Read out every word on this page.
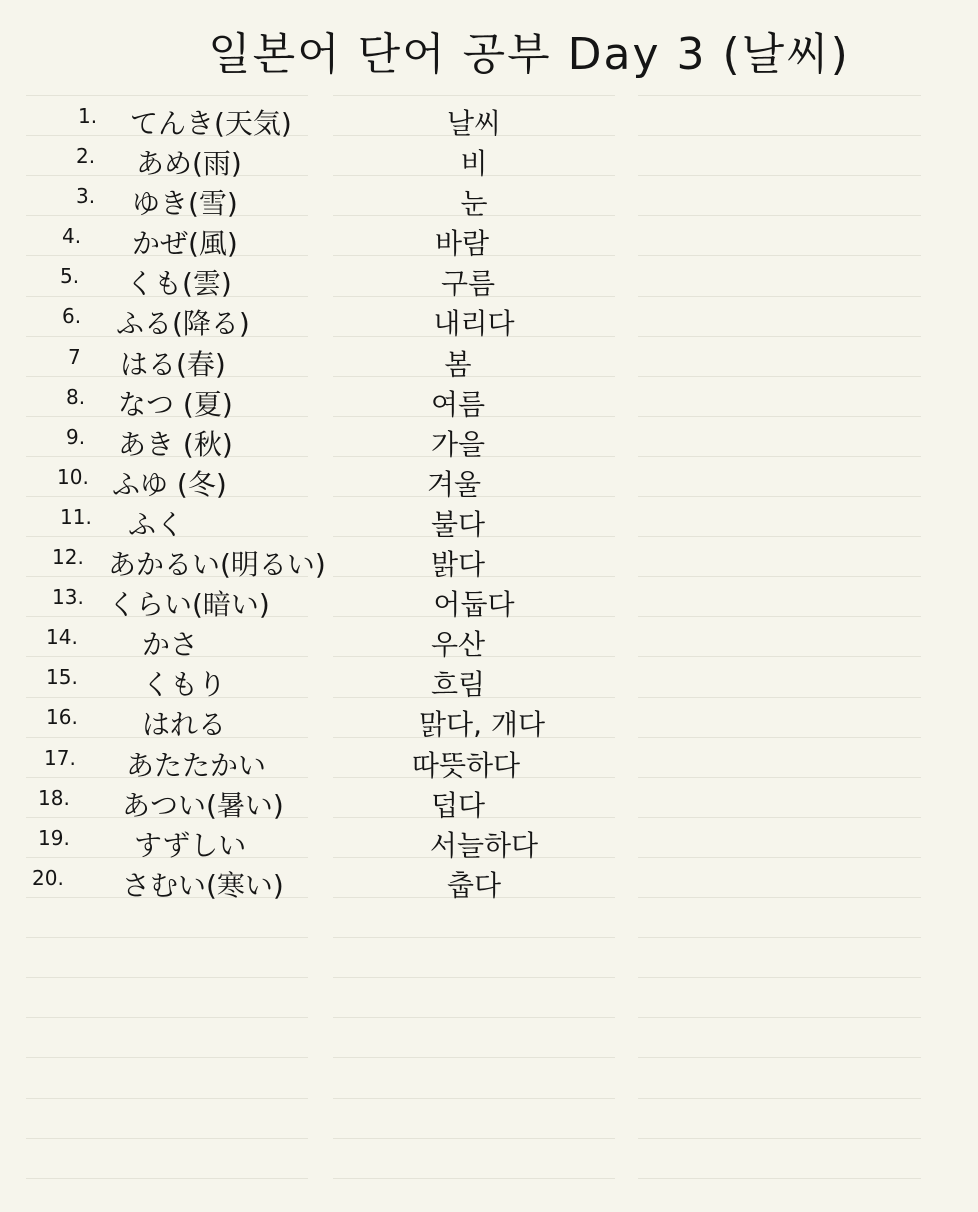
일본어 단어 공부 Day 3 (날씨)
1. てんき(天気)	날씨
2. あめ(雨)	비
3. ゆき(雪)	눈
4. かぜ(風)	바람
5. くも(雲)	구름
6. ふる(降る)	내리다
7 はる(春)	봄
8. なつ (夏)	여름
9. あき (秋)	가을
10. ふゆ (冬)	겨울
11. ふく	불다
12. あかるい(明るい)	밝다
13. くらい(暗い)	어둡다
14. かさ	우산
15. くもり	흐림
16. はれる	맑다, 개다
17. あたたかい	따뜻하다
18. あつい(暑い)	덥다
19. すずしい	서늘하다
20. さむい(寒い)	춥다
